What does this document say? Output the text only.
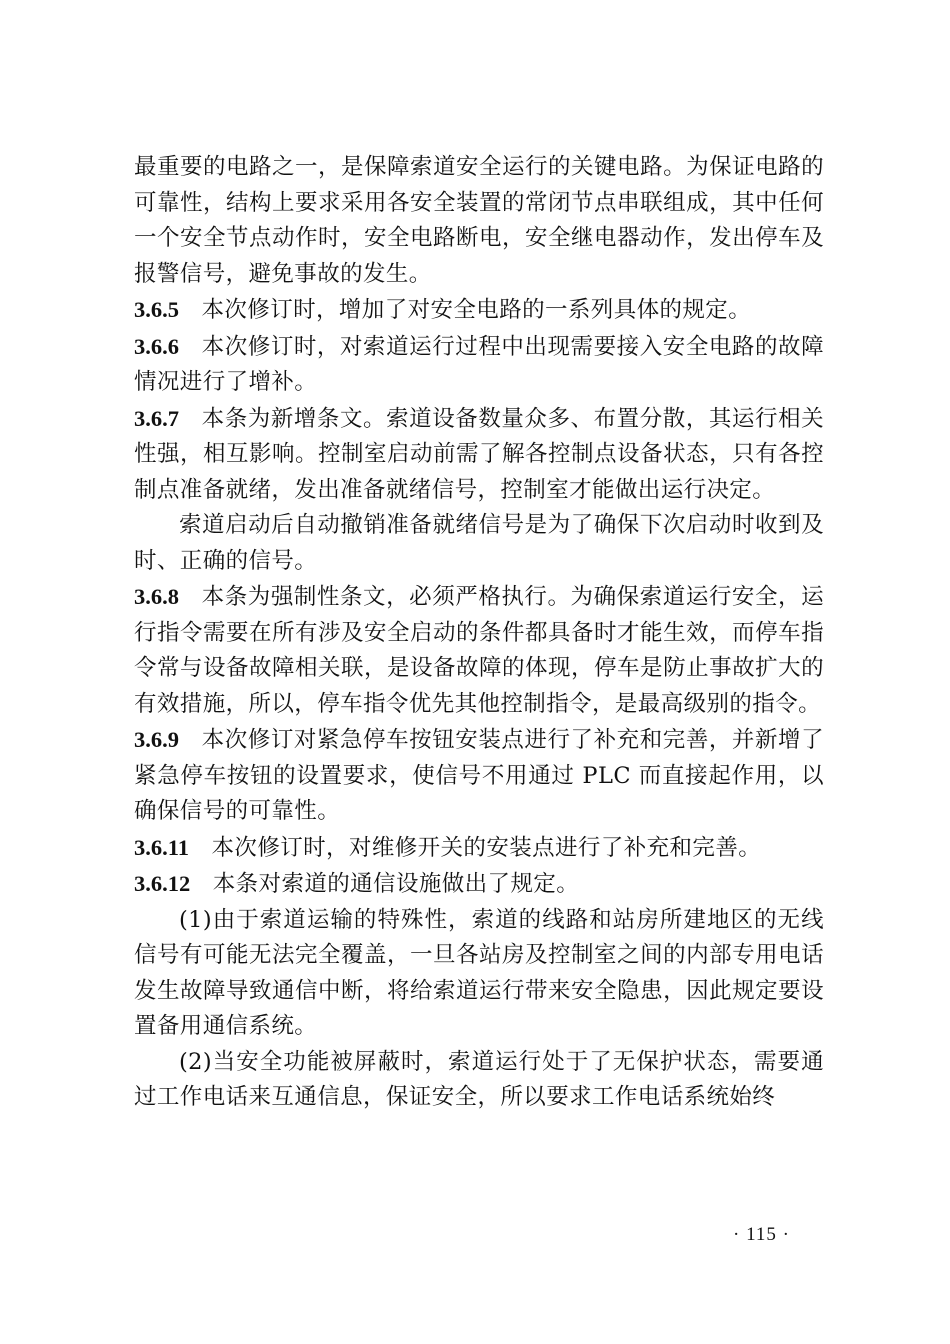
最重要的电路之一，是保障索道安全运行的关键电路。为保证电路的可靠性，结构上要求采用各安全装置的常闭节点串联组成，其中任何一个安全节点动作时，安全电路断电，安全继电器动作，发出停车及报警信号，避免事故的发生。

3.6.5 本次修订时，增加了对安全电路的一系列具体的规定。

3.6.6 本次修订时，对索道运行过程中出现需要接入安全电路的故障情况进行了增补。

3.6.7 本条为新增条文。索道设备数量众多、布置分散，其运行相关性强，相互影响。控制室启动前需了解各控制点设备状态，只有各控制点准备就绪，发出准备就绪信号，控制室才能做出运行决定。

索道启动后自动撤销准备就绪信号是为了确保下次启动时收到及时、正确的信号。

3.6.8 本条为强制性条文，必须严格执行。为确保索道运行安全，运行指令需要在所有涉及安全启动的条件都具备时才能生效，而停车指令常与设备故障相关联，是设备故障的体现，停车是防止事故扩大的有效措施，所以，停车指令优先其他控制指令，是最高级别的指令。

3.6.9 本次修订对紧急停车按钮安装点进行了补充和完善，并新增了紧急停车按钮的设置要求，使信号不用通过 PLC 而直接起作用，以确保信号的可靠性。

3.6.11 本次修订时，对维修开关的安装点进行了补充和完善。

3.6.12 本条对索道的通信设施做出了规定。

(1)由于索道运输的特殊性，索道的线路和站房所建地区的无线信号有可能无法完全覆盖，一旦各站房及控制室之间的内部专用电话发生故障导致通信中断，将给索道运行带来安全隐患，因此规定要设置备用通信系统。

(2)当安全功能被屏蔽时，索道运行处于了无保护状态，需要通过工作电话来互通信息，保证安全，所以要求工作电话系统始终

· 115 ·
